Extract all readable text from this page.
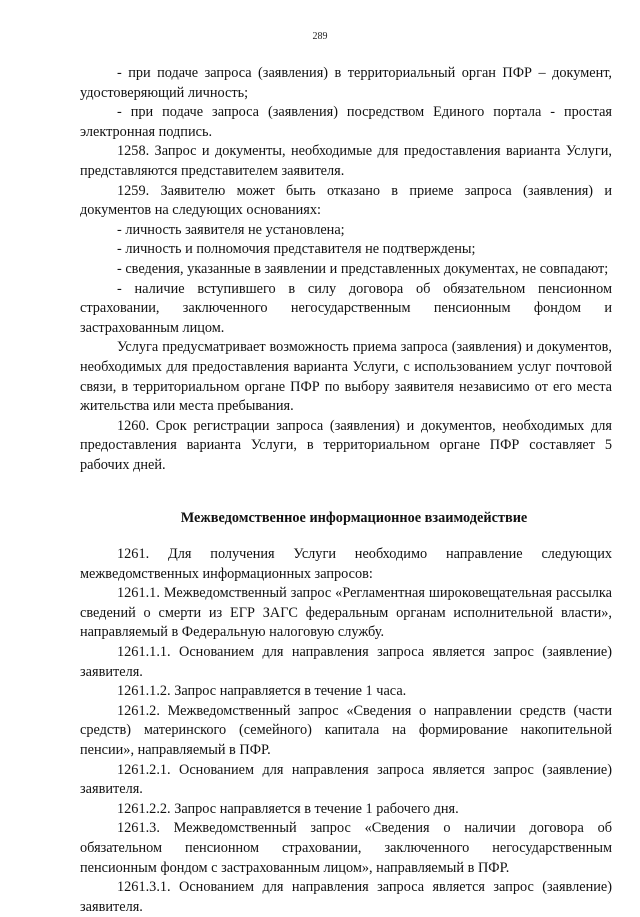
289

- при подаче запроса (заявления) в территориальный орган ПФР – документ, удостоверяющий личность;

- при подаче запроса (заявления) посредством Единого портала - простая электронная подпись.

1258. Запрос и документы, необходимые для предоставления варианта Услуги, представляются представителем заявителя.

1259. Заявителю может быть отказано в приеме запроса (заявления) и документов на следующих основаниях:

- личность заявителя не установлена;

- личность и полномочия представителя не подтверждены;

- сведения, указанные в заявлении и представленных документах, не совпадают;

- наличие вступившего в силу договора об обязательном пенсионном страховании, заключенного негосударственным пенсионным фондом и застрахованным лицом.

Услуга предусматривает возможность приема запроса (заявления) и документов, необходимых для предоставления варианта Услуги, с использованием услуг почтовой связи, в территориальном органе ПФР по выбору заявителя независимо от его места жительства или места пребывания.

1260. Срок регистрации запроса (заявления) и документов, необходимых для предоставления варианта Услуги, в территориальном органе ПФР составляет 5 рабочих дней.

Межведомственное информационное взаимодействие

1261. Для получения Услуги необходимо направление следующих межведомственных информационных запросов:

1261.1. Межведомственный запрос «Регламентная широковещательная рассылка сведений о смерти из ЕГР ЗАГС федеральным органам исполнительной власти», направляемый в Федеральную налоговую службу.

1261.1.1. Основанием для направления запроса является запрос (заявление) заявителя.

1261.1.2. Запрос направляется в течение 1 часа.

1261.2. Межведомственный запрос «Сведения о направлении средств (части средств) материнского (семейного) капитала на формирование накопительной пенсии», направляемый в ПФР.

1261.2.1. Основанием для направления запроса является запрос (заявление) заявителя.

1261.2.2. Запрос направляется в течение 1 рабочего дня.

1261.3. Межведомственный запрос «Сведения о наличии договора об обязательном пенсионном страховании, заключенного негосударственным пенсионным фондом с застрахованным лицом», направляемый в ПФР.

1261.3.1. Основанием для направления запроса является запрос (заявление) заявителя.
